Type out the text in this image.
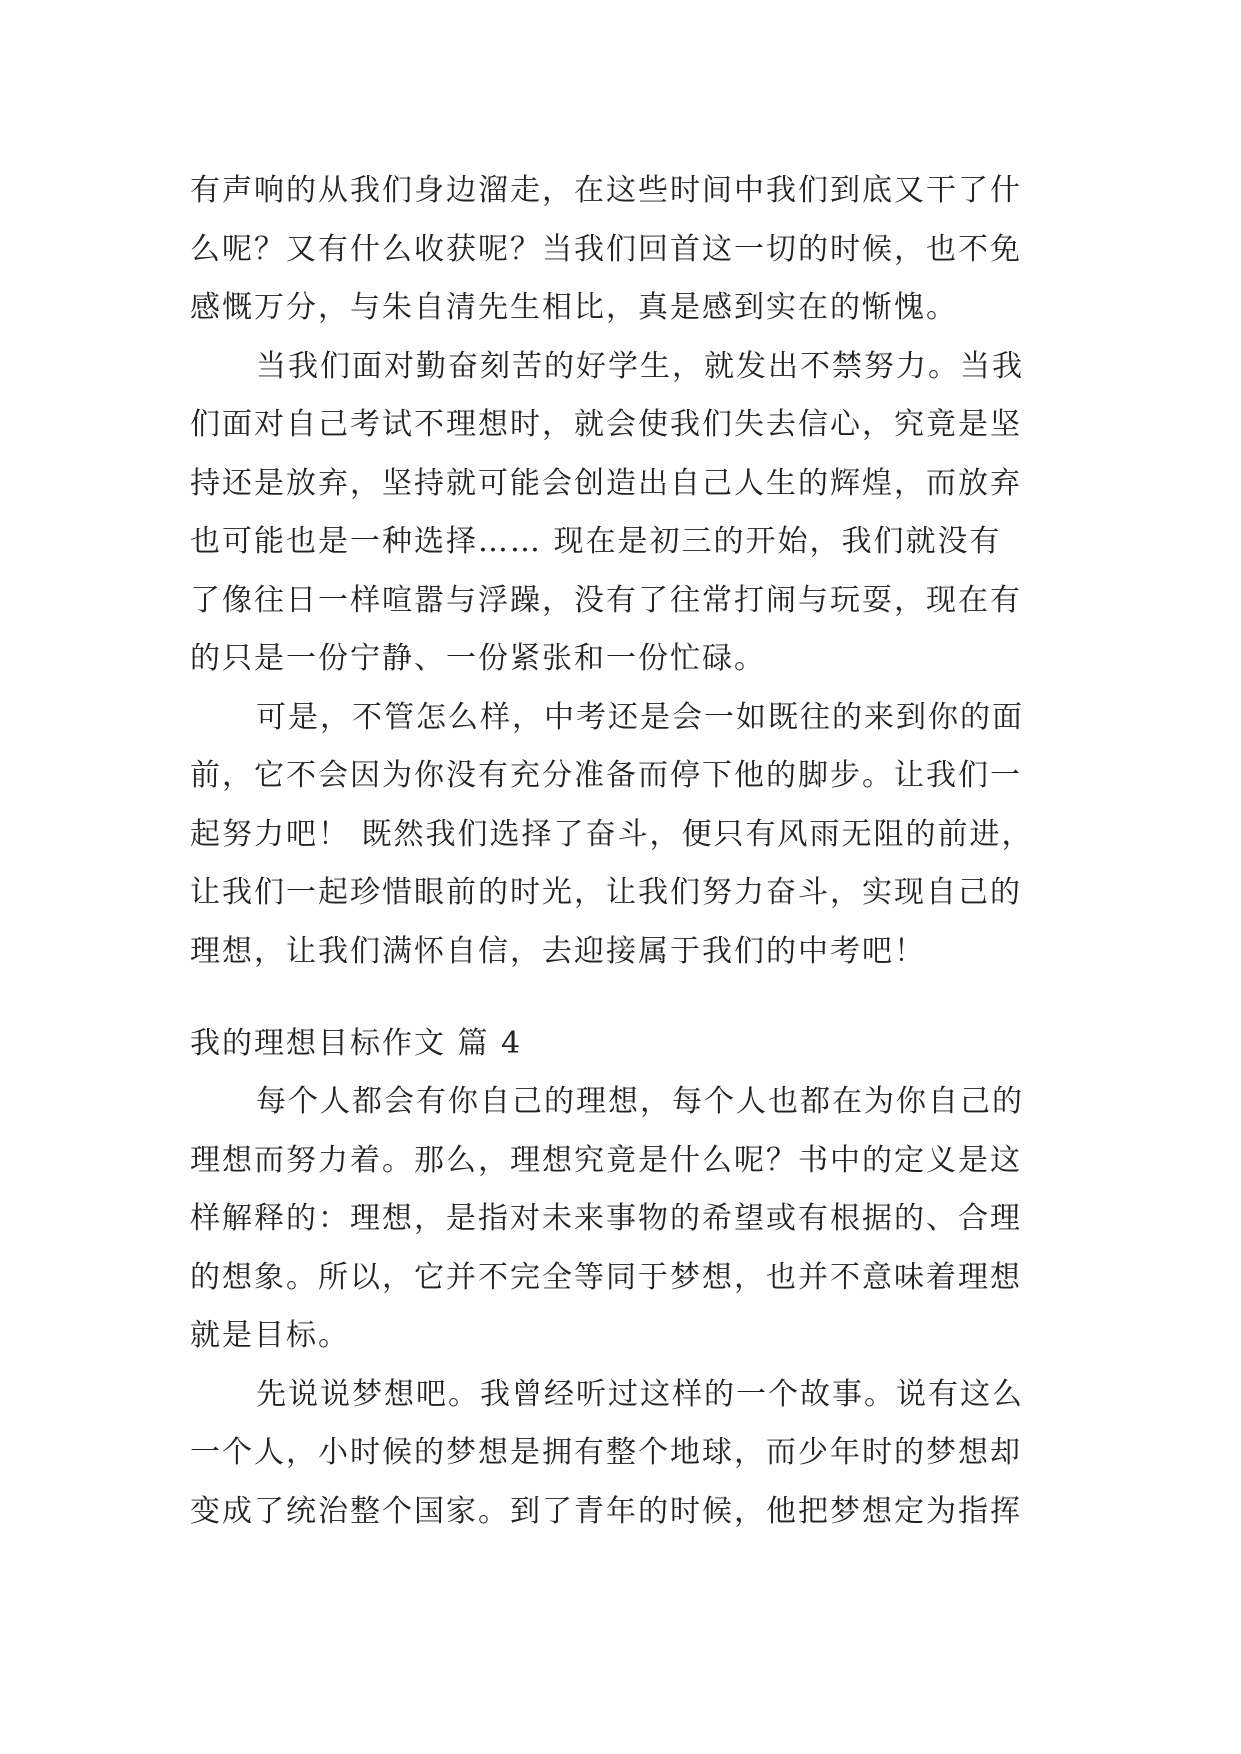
有声响的从我们身边溜走，在这些时间中我们到底又干了什
么呢？又有什么收获呢？当我们回首这一切的时候，也不免
感慨万分，与朱自清先生相比，真是感到实在的惭愧。
当我们面对勤奋刻苦的好学生，就发出不禁努力。当我
们面对自己考试不理想时，就会使我们失去信心，究竟是坚
持还是放弃，坚持就可能会创造出自己人生的辉煌，而放弃
也可能也是一种选择…… 现在是初三的开始，我们就没有
了像往日一样喧嚣与浮躁，没有了往常打闹与玩耍，现在有
的只是一份宁静、一份紧张和一份忙碌。
可是，不管怎么样，中考还是会一如既往的来到你的面
前，它不会因为你没有充分准备而停下他的脚步。让我们一
起努力吧！ 既然我们选择了奋斗，便只有风雨无阻的前进，
让我们一起珍惜眼前的时光，让我们努力奋斗，实现自己的
理想，让我们满怀自信，去迎接属于我们的中考吧！
我的理想目标作文 篇 4
每个人都会有你自己的理想，每个人也都在为你自己的
理想而努力着。那么，理想究竟是什么呢？书中的定义是这
样解释的：理想，是指对未来事物的希望或有根据的、合理
的想象。所以，它并不完全等同于梦想，也并不意味着理想
就是目标。
先说说梦想吧。我曾经听过这样的一个故事。说有这么
一个人，小时候的梦想是拥有整个地球，而少年时的梦想却
变成了统治整个国家。到了青年的时候，他把梦想定为指挥
